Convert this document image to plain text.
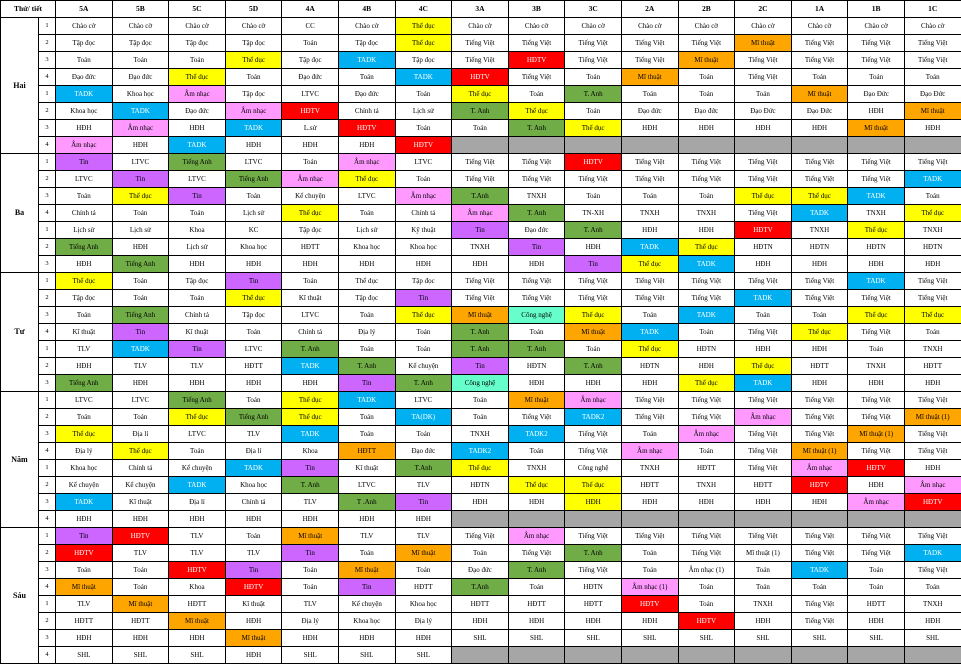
Thứ/ tiết		5A	5B	5C	5D	4A	4B	4C	3A	3B	3C	2A	2B	2C	1A	1B	1C
Hai	1	Chào cờ	Chào cờ	Chào cờ	Chào cờ	CC	Chào cờ	Thể dục	Chào cờ	Chào cờ	Chào cờ	Chào cờ	Chào cờ	Chào cờ	Chào cờ	Chào cờ	Chào cờ
	2	Tập đọc	Tập đọc	Tập đọc	Tập đọc	Toán	Tập đọc	Thể dục	Tiếng Việt	Tiếng Việt	Tiếng Việt	Tiếng Việt	Tiếng Việt	Mĩ thuật	Tiếng Việt	Tiếng Việt	Tiếng Việt
	3	Toán	Toán	Toán	Thể dục	Tập đọc	TADK	Tập đọc	Tiếng Việt	HĐTV	Tiếng Việt	Tiếng Việt	Mĩ thuật	Tiếng Việt	Tiếng Việt	Tiếng Việt	Tiếng Việt
	4	Đạo đức	Đạo đức	Thể dục	Toán	Đạo đức	Toán	TADK	HĐTV	Tiếng Việt	Toán	Mĩ thuật	Toán	Tiếng Việt	Toán	Toán	Toán
	1	TADK	Khoa học	Âm nhạc	Tập đọc	LTVC	Đạo đức	Toán	Thể dục	Toán	T. Anh	Toán	Toán	Toán	Mĩ thuật	Đạo Đức	Đạo Đức
	2	Khoa học	TADK	Đạo đức	Âm nhạc	HĐTV	Chính tả	Lịch sử	T. Anh	Thể dục	Toán	Đạo đức	Đạo đức	Đạo Đức	Đạo Đức	HĐH	Mĩ thuật
	3	HĐH	Âm nhạc	HĐH	TADK	L.sử	HĐTV	Toán	Toán	T. Anh	Thể dục	HĐH	HĐH	HĐH	HĐH	Mĩ thuật	HĐH
	4	Âm nhạc	HĐH	TADK	HĐH	HĐH	HĐH	HĐTV									
Ba	1	Tin	LTVC	Tiếng Anh	LTVC	Toán	Âm nhạc	LTVC	Tiếng Việt	Tiếng Việt	HĐTV	Tiếng Việt	Tiếng Việt	Tiếng Việt	Tiếng Việt	Tiếng Việt	Tiếng Việt
	2	LTVC	Tin	LTVC	Tiếng Anh	Âm nhạc	Thể dục	Toán	Tiếng Việt	Tiếng Việt	Tiếng Việt	Tiếng Việt	Tiếng Việt	Tiếng Việt	Tiếng Việt	Tiếng Việt	TADK
	3	Toán	Thể dục	Tin	Toán	Kể chuyện	LTVC	Âm nhạc	T.Anh	TNXH	Toán	Toán	Toán	Thể dục	Thể dục	TADK	Toán
	4	Chính tả	Toán	Toán	Lịch sử	Thể dục	Toán	Chính tả	Âm nhạc	T. Anh	TN-XH	TNXH	TNXH	Tiếng Việt	TADK	TNXH	Thể dục
	1	Lịch sử	Lịch sử	Khoa	KC	Tập đọc	Lịch sử	Kỹ thuật	Tin	Đạo đức	T. Anh	HĐH	HĐH	HĐTV	TNXH	Thể dục	TNXH
	2	Tiếng Anh	HĐH	Lịch sử	Khoa học	HĐTT	Khoa học	Khoa học	TNXH	Tin	HĐH	TADK	Thể dục	HĐTN	HĐTN	HĐTN	HĐTN
	3	HĐH	Tiếng Anh	HĐH	HĐH	HĐH	HĐH	HĐH	HĐH	HĐH	Tin	Thể dục	TADK	HĐH	HĐH	HĐH	HĐH
Tư	1	Thể dục	Toán	Tập đọc	Tin	Toán	Thể dục	Tập đọc	Tiếng Việt	Tiếng Việt	Tiếng Việt	Tiếng Việt	Tiếng Việt	Tiếng Việt	Tiếng Việt	TADK	Tiếng Việt
	2	Tập đọc	Toán	Toán	Thể dục	Kĩ thuật	Tập đọc	Tin	Tiếng Việt	Tiếng Việt	Tiếng Việt	Tiếng Việt	Tiếng Việt	TADK	Tiếng Việt	Tiếng Việt	Tiếng Việt
	3	Toán	Tiếng Anh	Chính tả	Tập đọc	LTVC	Toán	Thể dục	Mĩ thuật	Công nghệ	Thể dục	Toán	TADK	Toán	Toán	Thể dục	Thể dục
	4	Kĩ thuật	Tin	Kĩ thuật	Toán	Chính tả	Địa lý	Toán	T. Anh	Toán	Mĩ thuật	TADK	Toán	Tiếng Việt	Thể dục	Tiếng Việt	Toán
	1	TLV	TADK	Tin	LTVC	T. Anh	Toán	Toán	T. Anh	T. Anh	Toán	Thể dục	HĐTN	HĐH	HĐH	Toán	TNXH
	2	HĐH	TLV	TLV	HĐTT	TADK	T. Anh	Kể chuyện	Tin	HĐTN	T. Anh	HĐTN	HĐH	Thể dục	HĐTT	TNXH	HĐTT
	3	Tiếng Anh	HĐH	HĐH	HĐH	HĐH	Tin	T. Anh	Công nghệ	HĐH	HĐH	HĐH	Thể dục	TADK	HĐH	HĐH	HĐH
Năm	1	LTVC	LTVC	Tiếng Anh	Toán	Thể dục	TADK	LTVC	Toán	Mĩ thuật	Âm nhạc	Tiếng Việt	Tiếng Việt	Tiếng Việt	Tiếng Việt	Tiếng Việt	Tiếng Việt
	2	Toán	Toán	Thể dục	Tiếng Anh	Thể dục	Toán	TA(DK)	Toán	Tiếng Việt	TADK2	Tiếng Việt	Tiếng Việt	Âm nhạc	Tiếng Việt	Tiếng Việt	Mĩ thuật (1)
	3	Thể dục	Địa lí	LTVC	TLV	TADK	Toán	Toán	TNXH	TADK2	Tiếng Việt	Toán	Âm nhạc	Tiếng Việt	Tiếng Việt	Mĩ thuật (1)	Tiếng Việt
	4	Địa lý	Thể dục	Toán	Địa lí	Khoa	HĐTT	Đạo đức	TADK2	Toán	Tiếng Việt	Âm nhạc	Toán	Tiếng Việt	Mĩ thuật (1)	Tiếng Việt	Tiếng Việt
	1	Khoa học	Chính tả	Kể chuyện	TADK	Tin	Kĩ thuật	T.Anh	Thể dục	TNXH	Công nghệ	TNXH	HĐTT	Tiếng Việt	Âm nhạc	HĐTV	HĐH
	2	Kể chuyện	Kể chuyện	TADK	Khoa học	T. Anh	LTVC	TLV	HĐTN	Thể dục	Thể dục	HĐTT	TNXH	HĐTT	HĐTV	HĐH	Âm nhạc
	3	TADK	Kĩ thuật	Địa lí	Chính tả	TLV	T .Anh	Tin	HĐH	HĐH	HĐH	HĐH	HĐH	HĐH	HĐH	Âm nhạc	HĐTV
	4	HĐH	HĐH	HĐH	HĐH	HĐH	HĐH	HĐH									
Sáu	1	Tin	HĐTV	TLV	Toán	Mĩ thuật	TLV	TLV	Tiếng Việt	Âm nhạc	Tiếng Việt	Tiếng Việt	Tiếng Việt	Tiếng Việt	Tiếng Việt	Tiếng Việt	Tiếng Việt
	2	HĐTV	TLV	TLV	TLV	Tin	Toán	Mĩ thuật	Toán	Tiếng Việt	T. Anh	Toán	Tiếng Việt	Mĩ thuật (1)	Tiếng Việt	Tiếng Việt	TADK
	3	Toán	Toán	HĐTV	Tin	Toán	Mĩ thuật	Toán	Đạo đức	T. Anh	Tiếng Việt	Toán	Âm nhạc (1)	Toán	TADK	Toán	Tiếng Việt
	4	Mĩ thuật	Toán	Khoa	HĐTV	Toán	Tin	HĐTT	T.Anh	Toán	HĐTN	Âm nhạc (1)	Toán	Toán	Toán	Toán	Toán
	1	TLV	Mĩ thuật	HĐTT	Kĩ thuật	TLV	Kể chuyện	Khoa học	HĐTT	HĐTT	HĐTT	HĐTV	Toán	TNXH	Tiếng Việt	HĐTT	TNXH
	2	HĐTT	HĐTT	Mĩ thuật	HĐH	Địa lý	Khoa học	Địa lý	HĐH	HĐH	HĐH	HĐH	HĐTV	HĐH	Tiếng Việt	HĐH	HĐH
	3	HĐH	HĐH	HĐH	Mĩ thuật	HĐH	HĐH	HĐH	SHL	SHL	SHL	SHL	SHL	SHL	SHL	SHL	SHL
	4	SHL	SHL	SHL	HĐH	SHL	SHL	SHL									
